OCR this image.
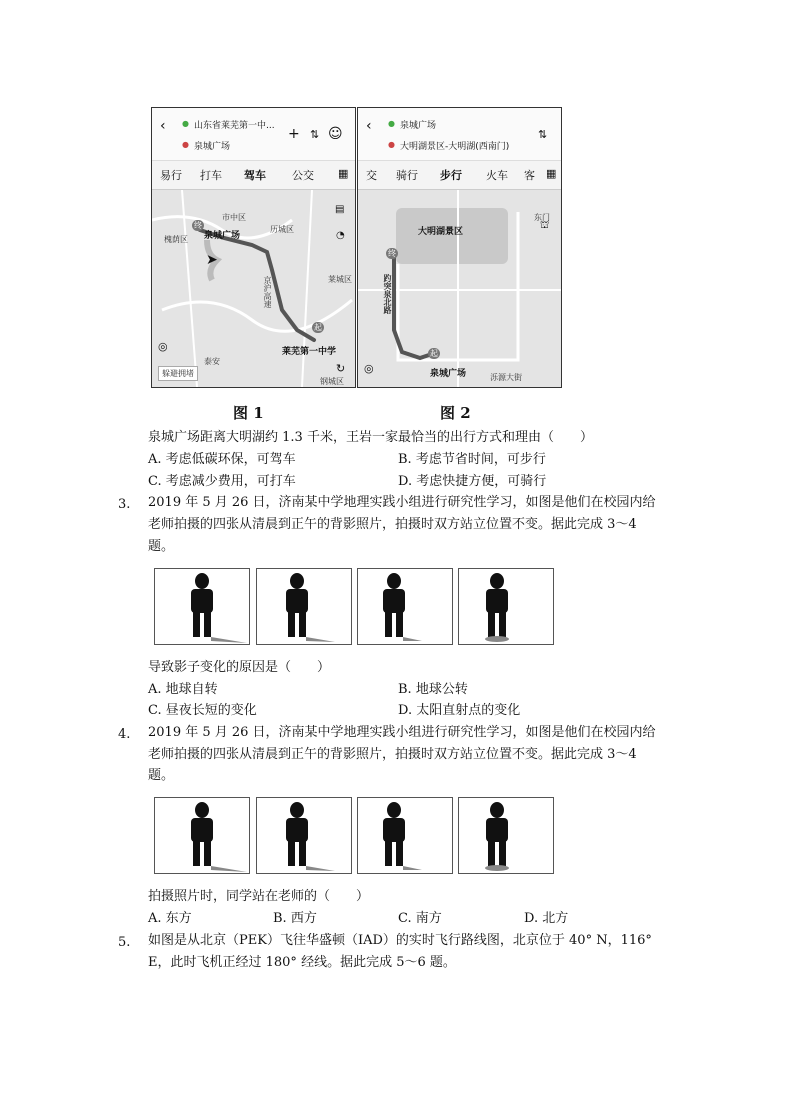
‹ ● 山东省莱芜第一中...
● 泉城广场
+ ⇅ ☺
易行 打车 驾车 公交 ▦
终
泉城广场
槐荫区
市中区
历城区
莱城区
京沪高速
起
莱芜第一中学
泰安
钢城区
➤
◎
躲避拥堵	↻
▤
◔
图 1
‹ ● 泉城广场
● 大明湖景区-大明湖(西南门)
⇅
交 骑行 步行 火车 客 ▦
大明湖景区
终
趵突泉北路
起
泉城广场	泺源大街
东门
◎
⛫
图 2
泉城广场距离大明湖约 1.3 千米，王岩一家最恰当的出行方式和理由（　　）
A. 考虑低碳环保，可驾车	B. 考虑节省时间，可步行
C. 考虑减少费用，可打车	D. 考虑快捷方便，可骑行
3. 2019 年 5 月 26 日，济南某中学地理实践小组进行研究性学习，如图是他们在校园内给
老师拍摄的四张从清晨到正午的背影照片，拍摄时双方站立位置不变。据此完成 3～4
题。
导致影子变化的原因是（　　）
A. 地球自转	B. 地球公转
C. 昼夜长短的变化	D. 太阳直射点的变化
4. 2019 年 5 月 26 日，济南某中学地理实践小组进行研究性学习，如图是他们在校园内给
老师拍摄的四张从清晨到正午的背影照片，拍摄时双方站立位置不变。据此完成 3～4
题。
拍摄照片时，同学站在老师的（　　）
A. 东方	B. 西方	C. 南方	D. 北方
5. 如图是从北京（PEK）飞往华盛顿（IAD）的实时飞行路线图，北京位于 40° N，116°
E，此时飞机正经过 180° 经线。据此完成 5～6 题。
